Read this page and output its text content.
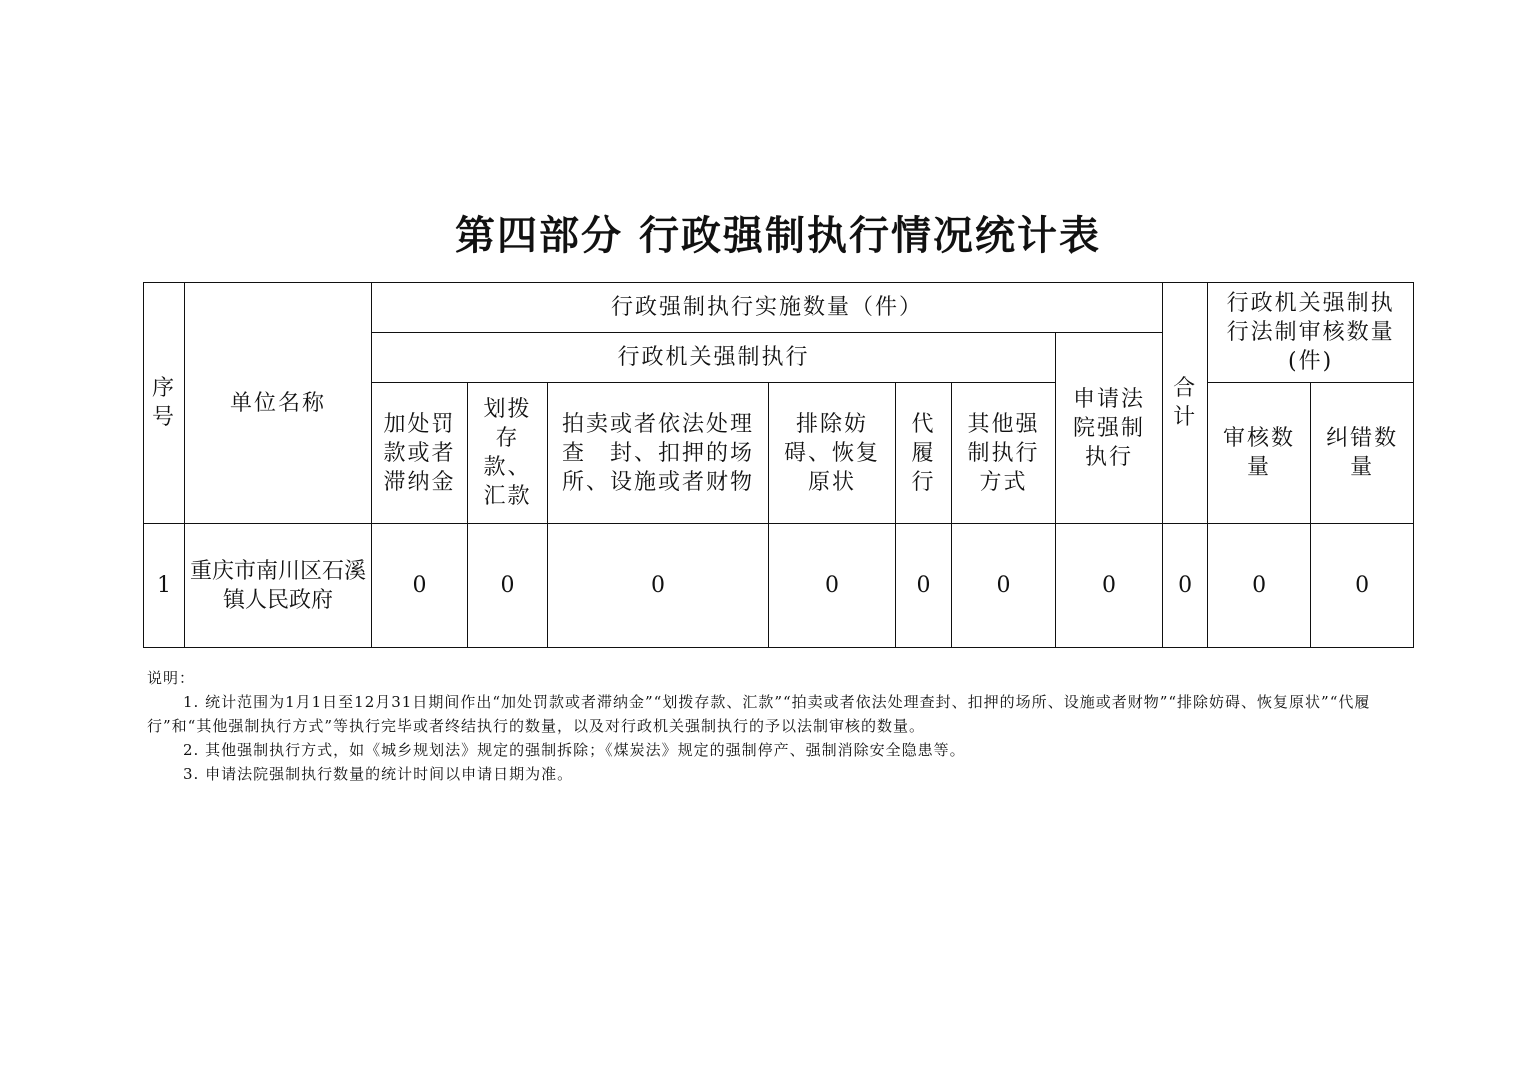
第四部分 行政强制执行情况统计表
序号	单位名称	行政强制执行实施数量（件）							合计	行政机关强制执行法制审核数量(件)	
		行政机关强制执行						申请法院强制执行			
		加处罚款或者滞纳金	划拨存 款、汇款	拍卖或者依法处理查　封、扣押的场所、设施或者财物	排除妨碍、恢复原状	代履行	其他强制执行方式			审核数量	纠错数量
1	重庆市南川区石溪镇人民政府	0	0	0	0	0	0	0	0	0	0
说明：
1. 统计范围为1月1日至12月31日期间作出“加处罚款或者滞纳金”“划拨存款、汇款”“拍卖或者依法处理查封、扣押的场所、设施或者财物”“排除妨碍、恢复原状”“代履行”和“其他强制执行方式”等执行完毕或者终结执行的数量，以及对行政机关强制执行的予以法制审核的数量。
2. 其他强制执行方式，如《城乡规划法》规定的强制拆除；《煤炭法》规定的强制停产、强制消除安全隐患等。
3. 申请法院强制执行数量的统计时间以申请日期为准。
